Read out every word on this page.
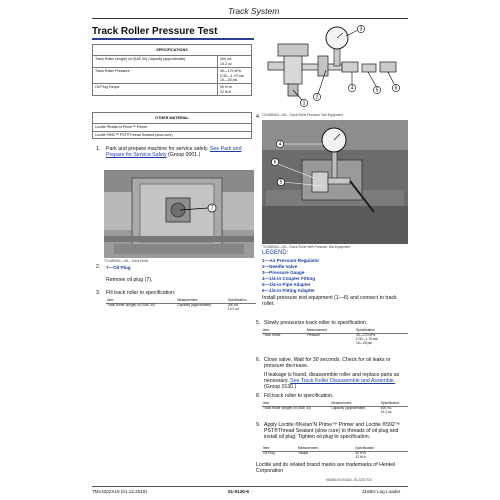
Track System
Track Roller Pressure Test
SPECIFICATIONS	
Track Roller (single) oil (SAE 30) Capacity (approximate)	400 mL
14.2 oz
Track Roller Pressure	30—170 kPa
0.30—1.70 bar
10—25 psi
Oil Plug Torque	30 N·m
22 lb-ft
OTHER MATERIAL
Loctite ®Kelan’N Prime™ Primer
Loctite ®592™ PST®Thread Sealant (slow cure)
1. Park and prepare machine for service safely. See Park and Prepare for Service Safely (Group 0001.)
7
TX1089452—UN—Track Roller
2. 7—Oil Plug
Remove oil plug (7).
3. Fill track roller to specification.
Item	Measurement	Specification
Track Roller (single) oil (SAE 30)	Capacity (approximate)	400 mL
14.2 oz
1
2
3
4	5	6
TX1089453—UN—Track Roller Pressure Test Equipment
4.
6
5
4
TX1089454—UN—Track Roller With Pressure Test Equipment
LEGEND:
1—Air Pressure Regulator
2—Needle Valve
3—Pressure Gauge
4—1/4-in Coupler Fitting
5—1/4-in Pipe Adapter
6—1/4-in Fitting Adapter
Install pressure test equipment (1—6) and connect to track roller.
5. Slowly pressurize track roller to specification.
Item	Measurement	Specification
Track Roller	Pressure	30—170 kPa
0.30—1.70 bar
10—25 psi
6. Close valve. Wait for 30 seconds. Check for oil leaks or pressure decrease.
If leakage is found, disassemble roller and replace parts as necessary. See Track Roller Disassemble and Assemble. (Group 0130.)
8. Fill track roller to specification.
Item	Measurement	Specification
Track Roller (single) oil (SAE 30)	Capacity (approximate)	400 mL
14.2 oz
9. Apply Loctite ®Kelan’N Prime™ Primer and Loctite ®592™ PST®Thread Sealant (slow cure) to threads of oil plug and install oil plug. Tighten oil plug to specification.
Item	Measurement	Specification
Oil Plug	Torque	30 N·m
22 lb-ft
Loctite and its related brand marks are trademarks of Henkel Corporation
MA05019,0003A0 -19-22OCT20
TM14202X19 (01.12.2018)	01-0130-6	3166G Log Loader
